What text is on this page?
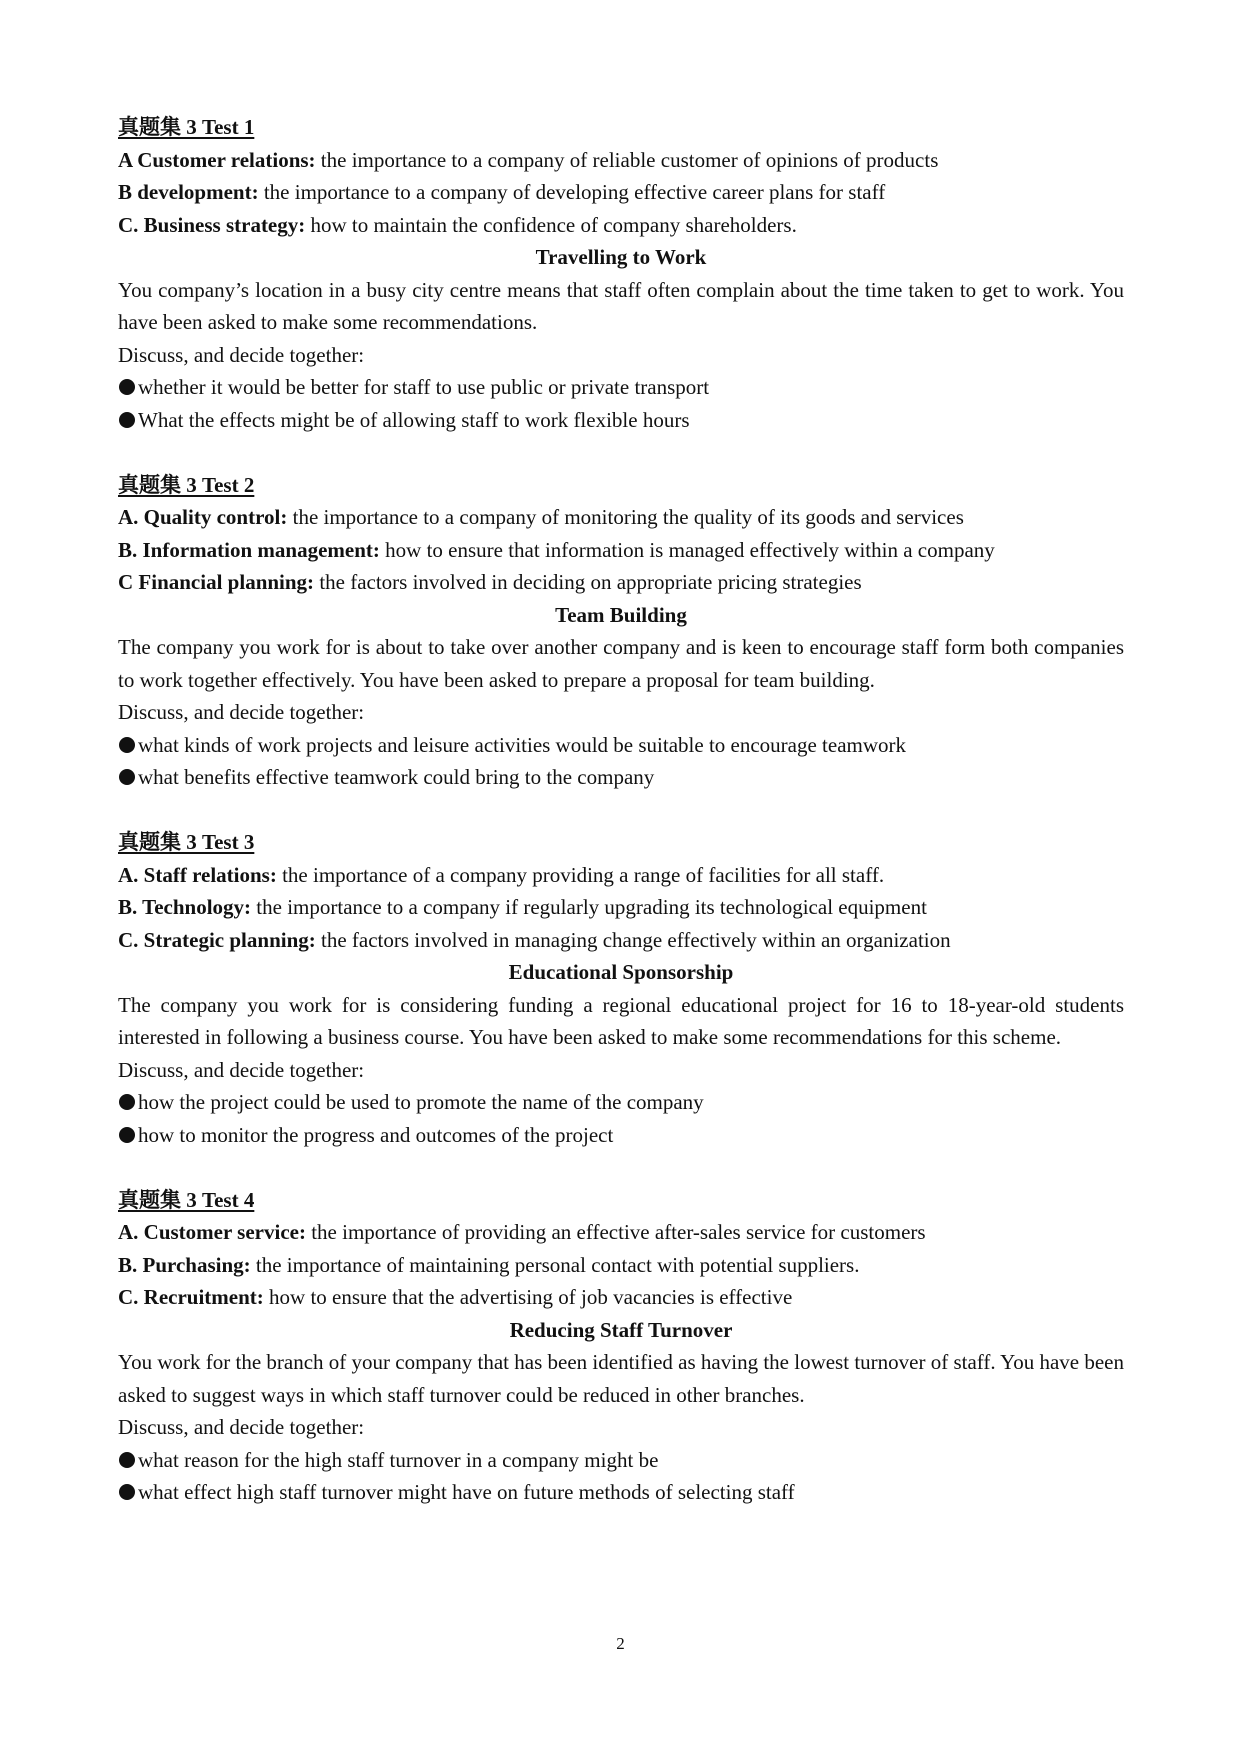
真题集 3 Test 1
A Customer relations: the importance to a company of reliable customer of opinions of products
B development: the importance to a company of developing effective career plans for staff
C. Business strategy: how to maintain the confidence of company shareholders.
Travelling to Work
You company’s location in a busy city centre means that staff often complain about the time taken to get to work. You have been asked to make some recommendations.
Discuss, and decide together:
whether it would be better for staff to use public or private transport
What the effects might be of allowing staff to work flexible hours
真题集 3 Test 2
A. Quality control: the importance to a company of monitoring the quality of its goods and services
B. Information management: how to ensure that information is managed effectively within a company
C Financial planning: the factors involved in deciding on appropriate pricing strategies
Team Building
The company you work for is about to take over another company and is keen to encourage staff form both companies to work together effectively. You have been asked to prepare a proposal for team building.
Discuss, and decide together:
what kinds of work projects and leisure activities would be suitable to encourage teamwork
what benefits effective teamwork could bring to the company
真题集 3 Test 3
A. Staff relations: the importance of a company providing a range of facilities for all staff.
B. Technology: the importance to a company if regularly upgrading its technological equipment
C. Strategic planning: the factors involved in managing change effectively within an organization
Educational Sponsorship
The company you work for is considering funding a regional educational project for 16 to 18-year-old students interested in following a business course. You have been asked to make some recommendations for this scheme.
Discuss, and decide together:
how the project could be used to promote the name of the company
how to monitor the progress and outcomes of the project
真题集 3 Test 4
A. Customer service: the importance of providing an effective after-sales service for customers
B. Purchasing: the importance of maintaining personal contact with potential suppliers.
C. Recruitment: how to ensure that the advertising of job vacancies is effective
Reducing Staff Turnover
You work for the branch of your company that has been identified as having the lowest turnover of staff. You have been asked to suggest ways in which staff turnover could be reduced in other branches.
Discuss, and decide together:
what reason for the high staff turnover in a company might be
what effect high staff turnover might have on future methods of selecting staff
2
